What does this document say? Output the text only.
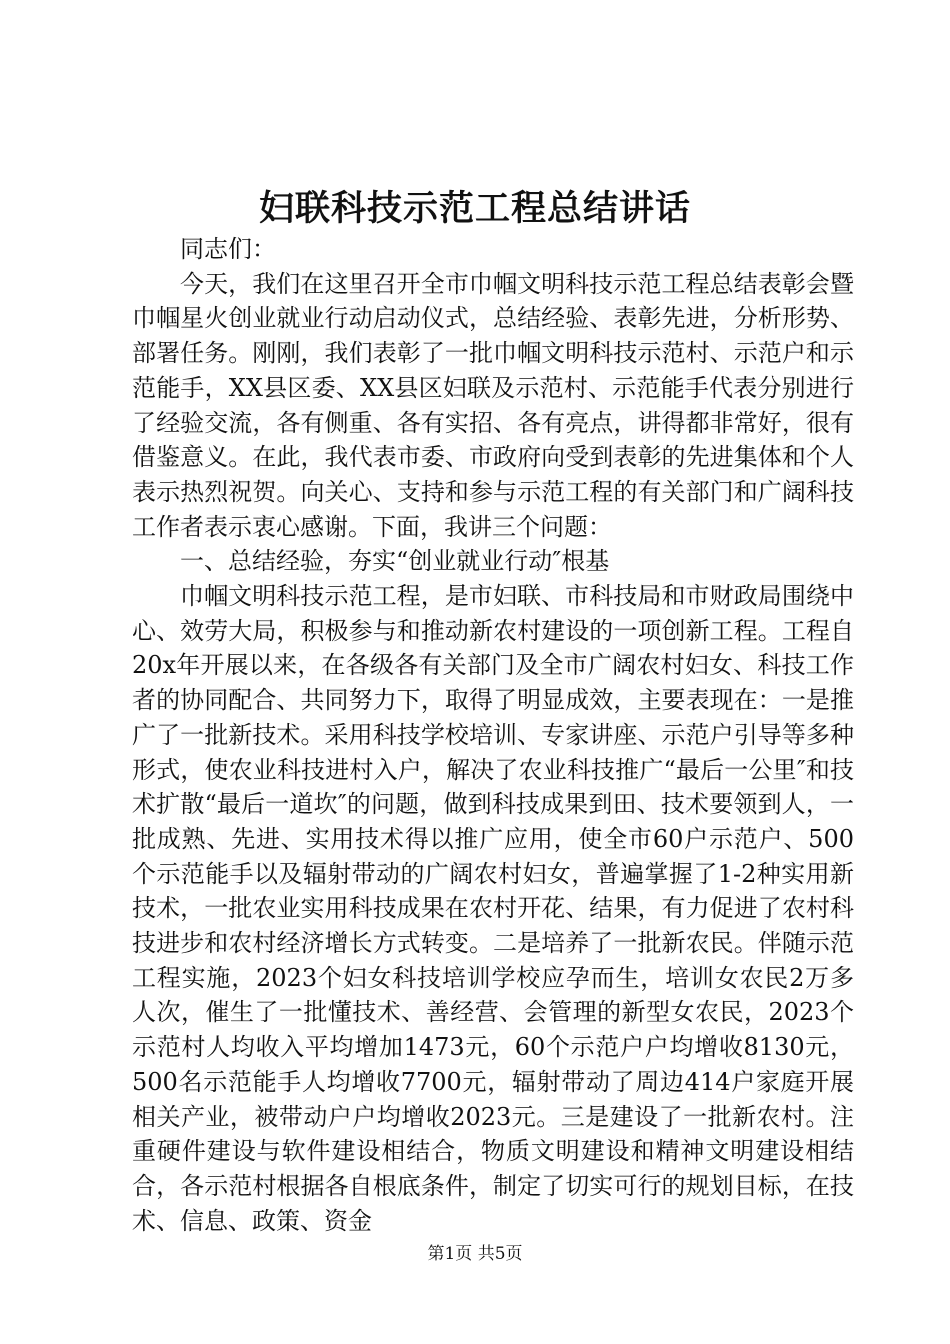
妇联科技示范工程总结讲话

同志们：

今天，我们在这里召开全市巾帼文明科技示范工程总结表彰会暨巾帼星火创业就业行动启动仪式，总结经验、表彰先进，分析形势、部署任务。刚刚，我们表彰了一批巾帼文明科技示范村、示范户和示范能手，XX县区委、XX县区妇联及示范村、示范能手代表分别进行了经验交流，各有侧重、各有实招、各有亮点，讲得都非常好，很有借鉴意义。在此，我代表市委、市政府向受到表彰的先进集体和个人表示热烈祝贺。向关心、支持和参与示范工程的有关部门和广阔科技工作者表示衷心感谢。下面，我讲三个问题：

一、总结经验，夯实“创业就业行动″根基

巾帼文明科技示范工程，是市妇联、市科技局和市财政局围绕中心、效劳大局，积极参与和推动新农村建设的一项创新工程。工程自20x年开展以来，在各级各有关部门及全市广阔农村妇女、科技工作者的协同配合、共同努力下，取得了明显成效，主要表现在：一是推广了一批新技术。采用科技学校培训、专家讲座、示范户引导等多种形式，使农业科技进村入户，解决了农业科技推广“最后一公里″和技术扩散“最后一道坎″的问题，做到科技成果到田、技术要领到人，一批成熟、先进、实用技术得以推广应用，使全市60户示范户、500个示范能手以及辐射带动的广阔农村妇女，普遍掌握了1-2种实用新技术，一批农业实用科技成果在农村开花、结果，有力促进了农村科技进步和农村经济增长方式转变。二是培养了一批新农民。伴随示范工程实施，2023个妇女科技培训学校应孕而生，培训女农民2万多人次，催生了一批懂技术、善经营、会管理的新型女农民，2023个示范村人均收入平均增加1473元，60个示范户户均增收8130元，500名示范能手人均增收7700元，辐射带动了周边414户家庭开展相关产业，被带动户户均增收2023元。三是建设了一批新农村。注重硬件建设与软件建设相结合，物质文明建设和精神文明建设相结合，各示范村根据各自根底条件，制定了切实可行的规划目标，在技术、信息、政策、资金

第1页 共5页
